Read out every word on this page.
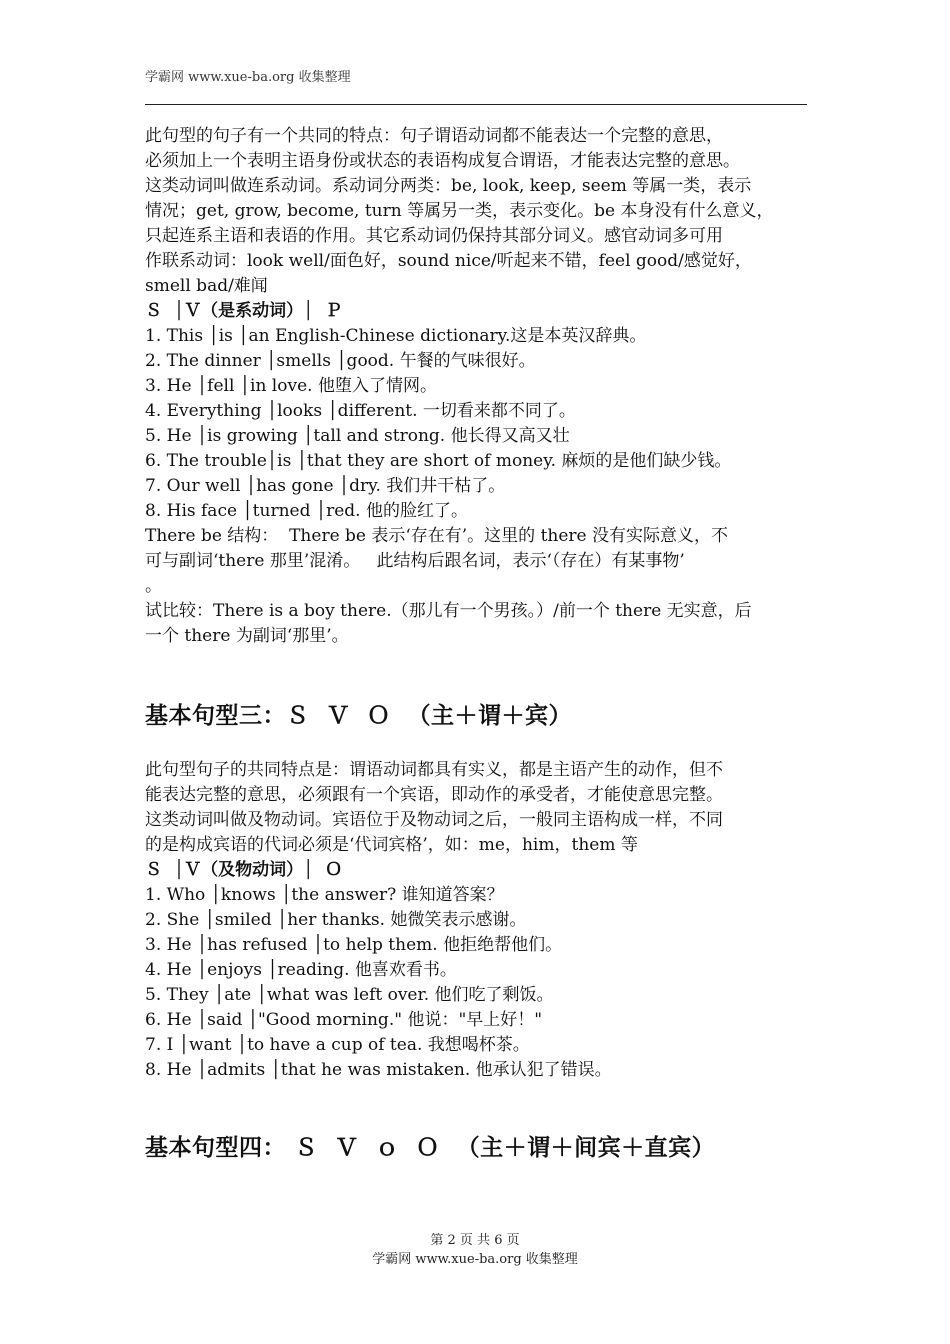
学霸网 www.xue-ba.org 收集整理

此句型的句子有一个共同的特点：句子谓语动词都不能表达一个完整的意思，

必须加上一个表明主语身份或状态的表语构成复合谓语，才能表达完整的意思。

这类动词叫做连系动词。系动词分两类：be, look, keep, seem 等属一类，表示

情况；get, grow, become, turn 等属另一类，表示变化。be 本身没有什么意义，

只起连系主语和表语的作用。其它系动词仍保持其部分词义。感官动词多可用

作联系动词：look well/面色好，sound nice/听起来不错，feel good/感觉好，

smell bad/难闻

Ｓ  │Ｖ（是系动词）│  Ｐ

1. This │is │an English-Chinese dictionary.这是本英汉辞典。

2. The dinner │smells │good. 午餐的气味很好。

3. He │fell │in love. 他堕入了情网。

4. Everything │looks │different. 一切看来都不同了。

5. He │is growing │tall and strong. 他长得又高又壮

6. The trouble│is │that they are short of money. 麻烦的是他们缺少钱。

7. Our well │has gone │dry. 我们井干枯了。

8. His face │turned │red. 他的脸红了。

There be 结构：  There be 表示‘存在有’。这里的 there 没有实际意义，不

可与副词‘there 那里’混淆。   此结构后跟名词，表示‘（存在）有某事物’

。

试比较：There is a boy there.（那儿有一个男孩。）/前一个 there 无实意，后

一个 there 为副词‘那里’。

基本句型三：Ｓ  Ｖ  Ｏ  （主＋谓＋宾）

此句型句子的共同特点是：谓语动词都具有实义，都是主语产生的动作，但不

能表达完整的意思，必须跟有一个宾语，即动作的承受者，才能使意思完整。

这类动词叫做及物动词。宾语位于及物动词之后，一般同主语构成一样，不同

的是构成宾语的代词必须是‘代词宾格’，如：me，him，them 等

Ｓ  │Ｖ（及物动词）│  Ｏ

1. Who │knows │the answer? 谁知道答案？

2. She │smiled │her thanks. 她微笑表示感谢。

3. He │has refused │to help them. 他拒绝帮他们。

4. He │enjoys │reading. 他喜欢看书。

5. They │ate │what was left over. 他们吃了剩饭。

6. He │said │"Good morning." 他说："早上好！"

7. I │want │to have a cup of tea. 我想喝杯茶。

8. He │admits │that he was mistaken. 他承认犯了错误。

基本句型四： Ｓ  Ｖ  ｏ  Ｏ  （主＋谓＋间宾＋直宾）
第 2 页 共 6 页
学霸网 www.xue-ba.org 收集整理
